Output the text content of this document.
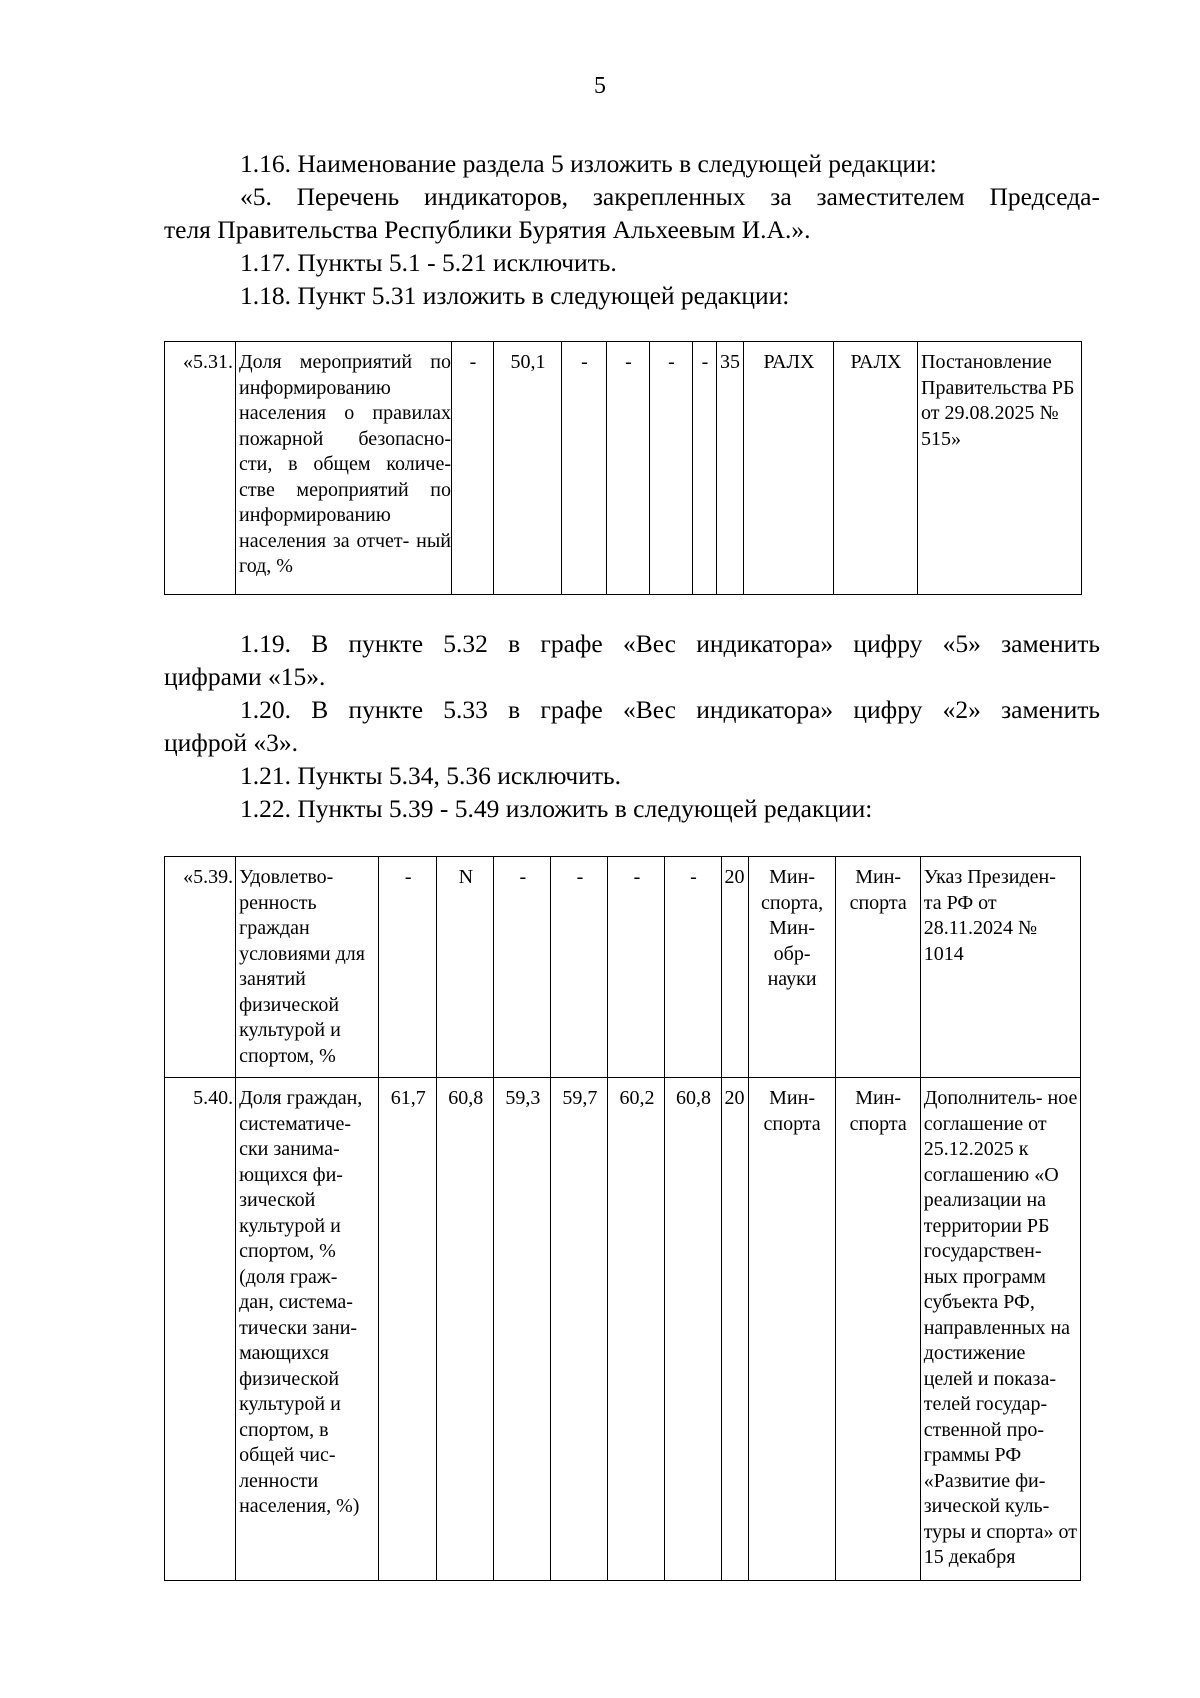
5

1.16. Наименование раздела 5 изложить в следующей редакции:

«5. Перечень индикаторов, закрепленных за заместителем Председа-

теля Правительства Республики Бурятия Альхеевым И.А.».

1.17. Пункты 5.1 - 5.21 исключить.

1.18. Пункт 5.31 изложить в следующей редакции:

«5.31.	Доля мероприятий по информированию населения о правилах пожарной безопасно- сти, в общем количе- стве мероприятий по информированию населения за отчет- ный год, %	-	50,1	-	-	-	-	35	РАЛХ	РАЛХ	Постановление Правительства РБ от 29.08.2025 № 515»

1.19. В пункте 5.32 в графе «Вес индикатора» цифру «5» заменить

цифрами «15».

1.20. В пункте 5.33 в графе «Вес индикатора» цифру «2» заменить

цифрой «3».

1.21. Пункты 5.34, 5.36 исключить.

1.22. Пункты 5.39 - 5.49 изложить в следующей редакции:

«5.39.	Удовлетво- ренность граждан условиями для занятий физической культурой и спортом, %	-	N	-	-	-	-	20	Мин- спорта, Мин- обр- науки	Мин- спорта	Указ Президен- та РФ от 28.11.2024 № 1014
5.40.	Доля граждан, систематиче- ски занима- ющихся фи- зической культурой и спортом, % (доля граж- дан, система- тически зани- мающихся физической культурой и спортом, в общей чис- ленности населения, %)	61,7	60,8	59,3	59,7	60,2	60,8	20	Мин- спорта	Мин- спорта	Дополнитель- ное соглашение от 25.12.2025 к соглашению «О реализации на территории РБ государствен- ных программ субъекта РФ, направленных на достижение целей и показа- телей государ- ственной про- граммы РФ «Развитие фи- зической куль- туры и спорта» от 15 декабря
